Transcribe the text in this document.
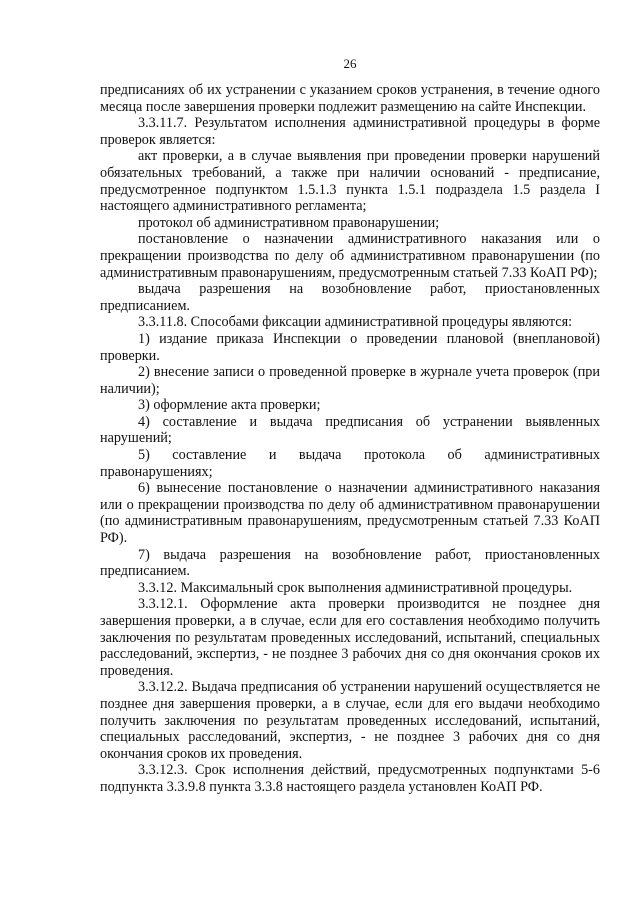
26

предписаниях об их устранении с указанием сроков устранения, в течение одного месяца после завершения проверки подлежит размещению на сайте Инспекции.

3.3.11.7. Результатом исполнения административной процедуры в форме проверок является:

акт проверки, а в случае выявления при проведении проверки нарушений обязательных требований, а также при наличии оснований - предписание, предусмотренное подпунктом 1.5.1.3 пункта 1.5.1 подраздела 1.5 раздела I настоящего административного регламента;

протокол об административном правонарушении;

постановление о назначении административного наказания или о прекращении производства по делу об административном правонарушении (по административным правонарушениям, предусмотренным статьей 7.33 КоАП РФ);

выдача разрешения на возобновление работ, приостановленных предписанием.

3.3.11.8. Способами фиксации административной процедуры являются:

1) издание приказа Инспекции о проведении плановой (внеплановой) проверки.

2) внесение записи о проведенной проверке в журнале учета проверок (при наличии);

3) оформление акта проверки;

4) составление и выдача предписания об устранении выявленных нарушений;

5) составление и выдача протокола об административных правонарушениях;

6) вынесение постановление о назначении административного наказания или о прекращении производства по делу об административном правонарушении (по административным правонарушениям, предусмотренным статьей 7.33 КоАП РФ).

7) выдача разрешения на возобновление работ, приостановленных предписанием.

3.3.12. Максимальный срок выполнения административной процедуры.

3.3.12.1. Оформление акта проверки производится не позднее дня завершения проверки, а в случае, если для его составления необходимо получить заключения по результатам проведенных исследований, испытаний, специальных расследований, экспертиз, - не позднее 3 рабочих дня со дня окончания сроков их проведения.

3.3.12.2. Выдача предписания об устранении нарушений осуществляется не позднее дня завершения проверки, а в случае, если для его выдачи необходимо получить заключения по результатам проведенных исследований, испытаний, специальных расследований, экспертиз, - не позднее 3 рабочих дня со дня окончания сроков их проведения.

3.3.12.3. Срок исполнения действий, предусмотренных подпунктами 5-6 подпункта 3.3.9.8 пункта 3.3.8 настоящего раздела установлен КоАП РФ.
